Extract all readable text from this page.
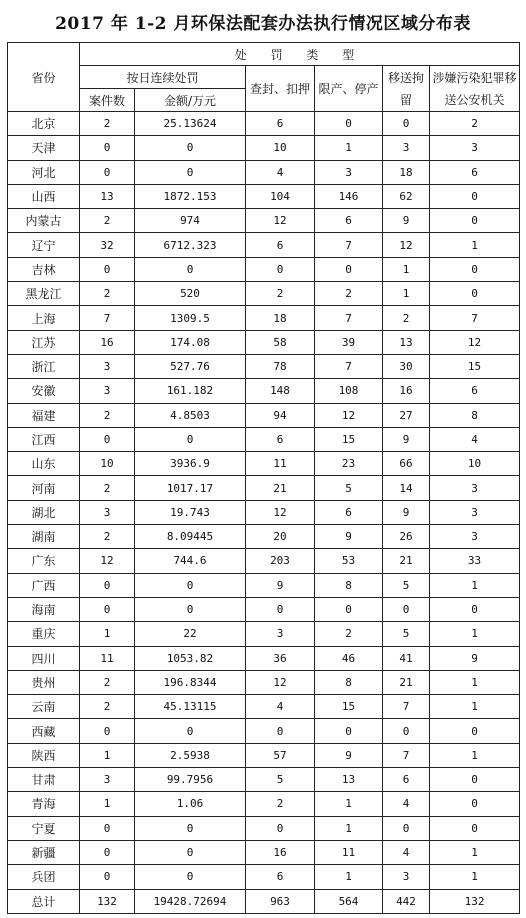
2017 年 1-2 月环保法配套办法执行情况区域分布表
省份	处 罚 类 型					
	按日连续处罚		查封、扣押	限产、停产	移送拘留	涉嫌污染犯罪移送公安机关
	案件数	金额/万元				
北京	2	25.13624	6	0	0	2
天津	0	0	10	1	3	3
河北	0	0	4	3	18	6
山西	13	1872.153	104	146	62	0
内蒙古	2	974	12	6	9	0
辽宁	32	6712.323	6	7	12	1
吉林	0	0	0	0	1	0
黑龙江	2	520	2	2	1	0
上海	7	1309.5	18	7	2	7
江苏	16	174.08	58	39	13	12
浙江	3	527.76	78	7	30	15
安徽	3	161.182	148	108	16	6
福建	2	4.8503	94	12	27	8
江西	0	0	6	15	9	4
山东	10	3936.9	11	23	66	10
河南	2	1017.17	21	5	14	3
湖北	3	19.743	12	6	9	3
湖南	2	8.09445	20	9	26	3
广东	12	744.6	203	53	21	33
广西	0	0	9	8	5	1
海南	0	0	0	0	0	0
重庆	1	22	3	2	5	1
四川	11	1053.82	36	46	41	9
贵州	2	196.8344	12	8	21	1
云南	2	45.13115	4	15	7	1
西藏	0	0	0	0	0	0
陕西	1	2.5938	57	9	7	1
甘肃	3	99.7956	5	13	6	0
青海	1	1.06	2	1	4	0
宁夏	0	0	0	1	0	0
新疆	0	0	16	11	4	1
兵团	0	0	6	1	3	1
总计	132	19428.72694	963	564	442	132
